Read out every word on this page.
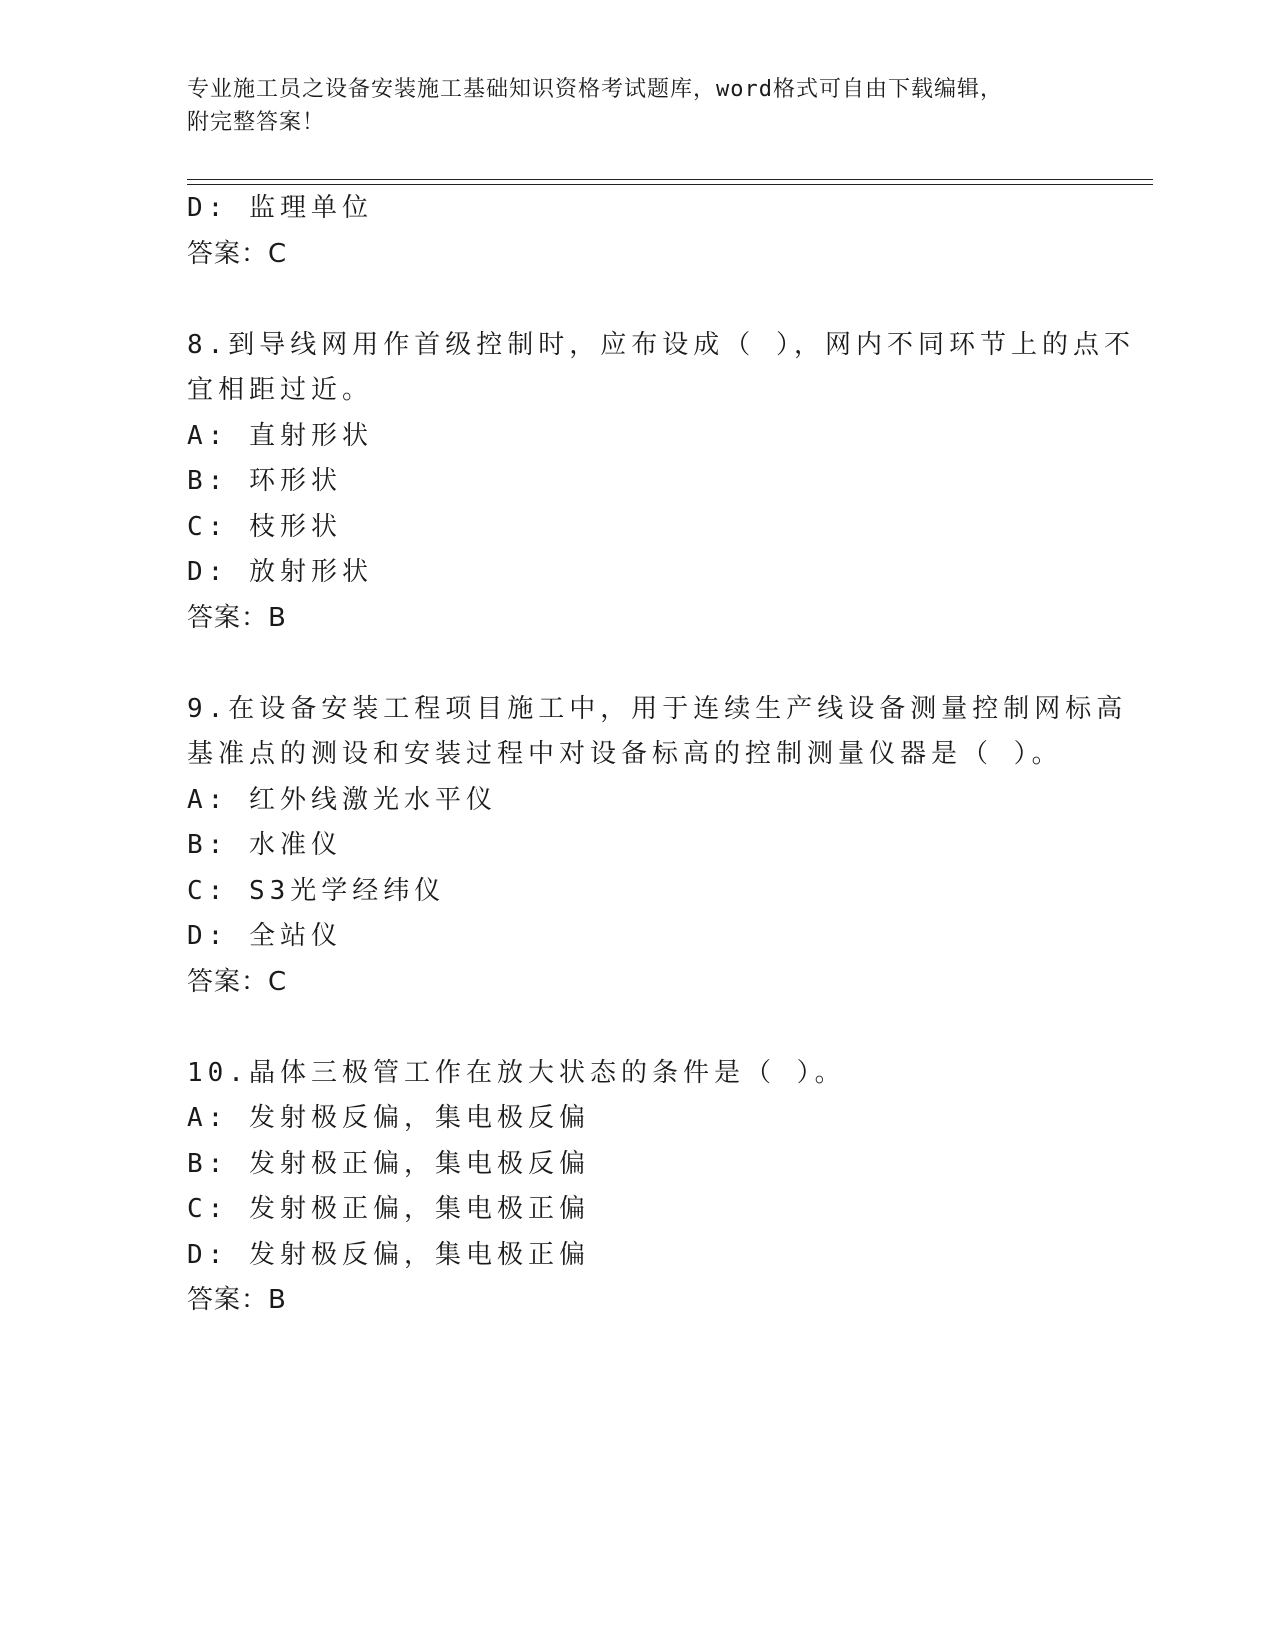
专业施工员之设备安装施工基础知识资格考试题库，word格式可自由下载编辑，
附完整答案！
D: 监理单位
答案：C
8.到导线网用作首级控制时，应布设成（ ），网内不同环节上的点不
宜相距过近。
A: 直射形状
B: 环形状
C: 枝形状
D: 放射形状
答案：B
9.在设备安装工程项目施工中，用于连续生产线设备测量控制网标高
基准点的测设和安装过程中对设备标高的控制测量仪器是（ ）。
A: 红外线激光水平仪
B: 水准仪
C: S3光学经纬仪
D: 全站仪
答案：C
10.晶体三极管工作在放大状态的条件是（ ）。
A: 发射极反偏，集电极反偏
B: 发射极正偏，集电极反偏
C: 发射极正偏，集电极正偏
D: 发射极反偏，集电极正偏
答案：B
